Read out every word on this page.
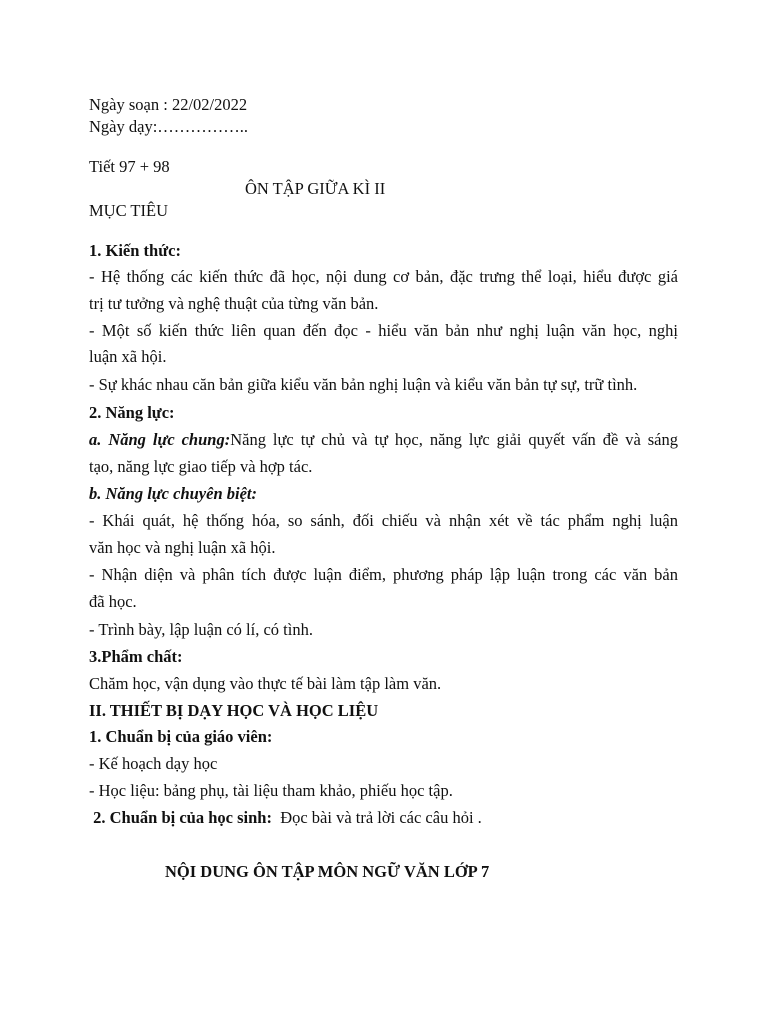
Ngày soạn : 22/02/2022
Ngày dạy:……………..
Tiết 97 + 98
ÔN TẬP GIỮA KÌ II
MỤC TIÊU
1. Kiến thức:
- Hệ thống các kiến thức đã học, nội dung cơ bản, đặc trưng thể loại, hiểu được giá
trị tư tưởng và nghệ thuật của từng văn bản.
- Một số kiến thức liên quan đến đọc - hiểu văn bản như nghị luận văn học, nghị
luận xã hội.
- Sự khác nhau căn bản giữa kiểu văn bản nghị luận và kiểu văn bản tự sự, trữ tình.
2. Năng lực:
a. Năng lực chung:Năng lực tự chủ và tự học, năng lực giải quyết vấn đề và sáng
tạo, năng lực giao tiếp và hợp tác.
b. Năng lực chuyên biệt:
- Khái quát, hệ thống hóa, so sánh, đối chiếu và nhận xét về tác phẩm nghị luận
văn học và nghị luận xã hội.
- Nhận diện và phân tích được luận điểm, phương pháp lập luận trong các văn bản
đã học.
- Trình bày, lập luận có lí, có tình.
3.Phẩm chất:
Chăm học, vận dụng vào thực tế bài làm tập làm văn.
II. THIẾT BỊ DẠY HỌC VÀ HỌC LIỆU
1. Chuẩn bị của giáo viên:
- Kế hoạch dạy học
- Học liệu: bảng phụ, tài liệu tham khảo, phiếu học tập.
2. Chuẩn bị của học sinh:  Đọc bài và trả lời các câu hỏi .
NỘI DUNG ÔN TẬP MÔN NGỮ VĂN LỚP 7
